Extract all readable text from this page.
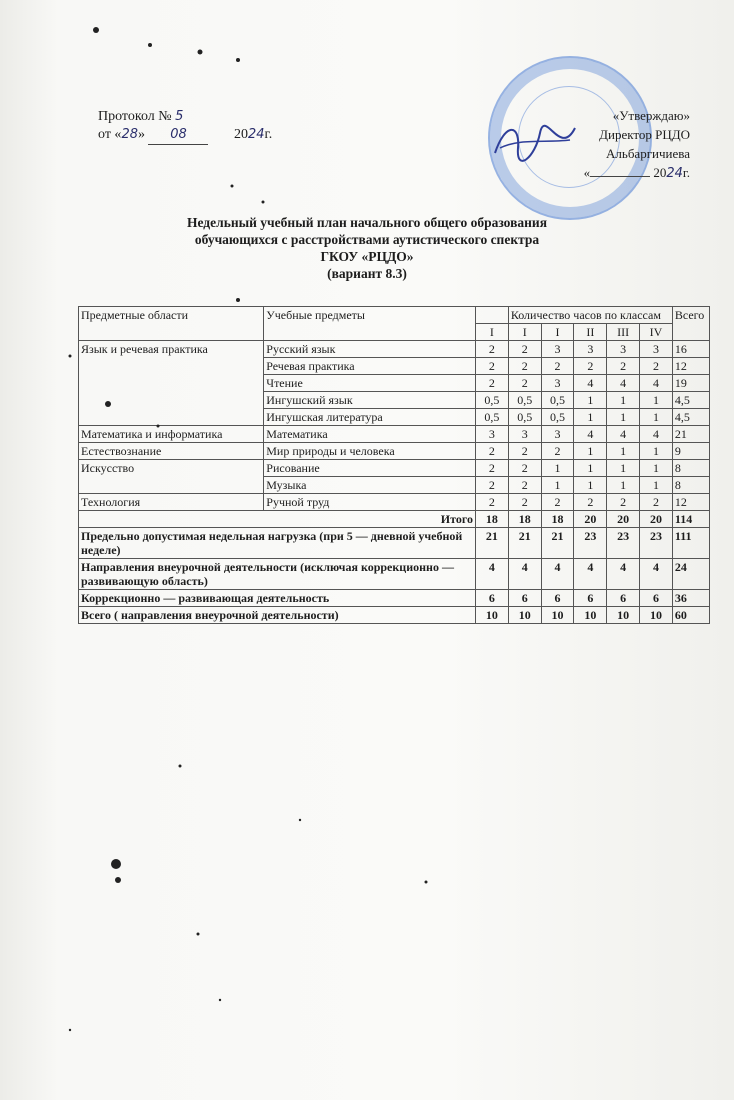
Протокол № 5
от «28» 08	2024г.
«Утверждаю»
Директор РЦДО
Альбаргичиева
«	2024г.
Недельный учебный план начального общего образования
обучающихся с расстройствами аутистического спектра
ГКОУ «РЦДО»
(вариант 8.3)
Предметные области	Учебные предметы		Количество часов по классам					Всего
		I	I	I	II	III	IV	
Язык и речевая практика	Русский язык	2	2	3	3	3	3	16
	Речевая практика	2	2	2	2	2	2	12
	Чтение	2	2	3	4	4	4	19
	Ингушский язык	0,5	0,5	0,5	1	1	1	4,5
	Ингушская литература	0,5	0,5	0,5	1	1	1	4,5
Математика и информатика	Математика	3	3	3	4	4	4	21
Естествознание	Мир природы и человека	2	2	2	1	1	1	9
Искусство	Рисование	2	2	1	1	1	1	8
	Музыка	2	2	1	1	1	1	8
Технология	Ручной труд	2	2	2	2	2	2	12
Итого		18	18	18	20	20	20	114
Предельно допустимая недельная нагрузка (при 5 — дневной учебной неделе)		21	21	21	23	23	23	111
Направления внеурочной деятельности (исключая коррекционно — развивающую область)		4	4	4	4	4	4	24
Коррекционно — развивающая деятельность		6	6	6	6	6	6	36
Всего ( направления внеурочной деятельности)		10	10	10	10	10	10	60
